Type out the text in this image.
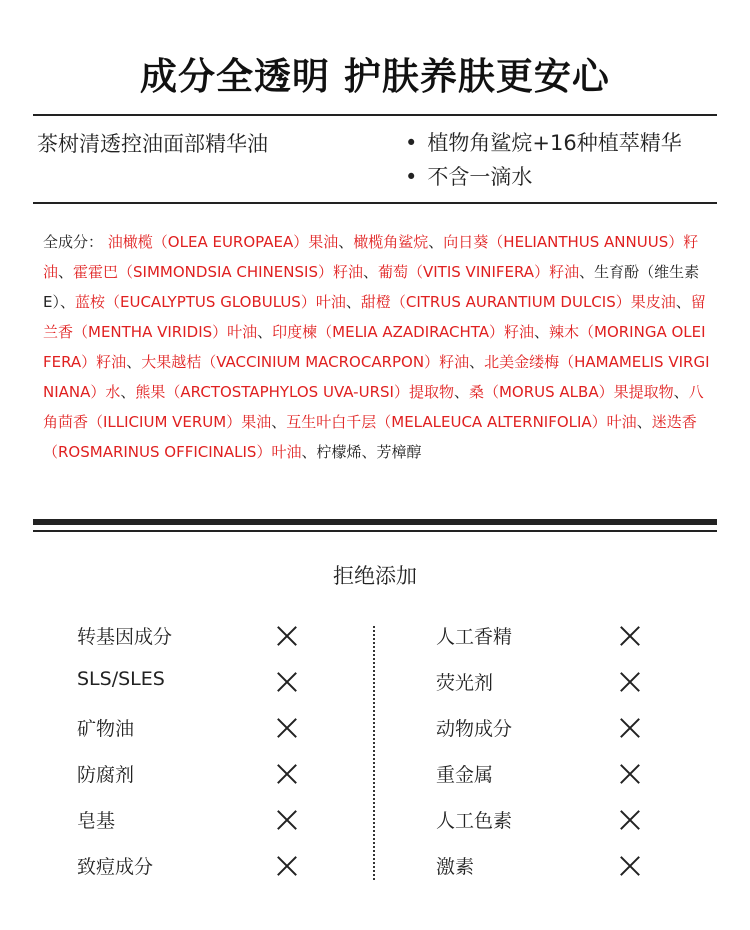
成分全透明 护肤养肤更安心
茶树清透控油面部精华油
•	植物角鲨烷+16种植萃精华
• 不含一滴水
全成分： 油橄榄（OLEA EUROPAEA）果油、橄榄角鲨烷、向日葵（HELIANTHUS ANNUUS）籽油、霍霍巴（SIMMONDSIA CHINENSIS）籽油、葡萄（VITIS VINIFERA）籽油、生育酚（维生素E）、蓝桉（EUCALYPTUS GLOBULUS）叶油、甜橙（CITRUS AURANTIUM DULCIS）果皮油、留兰香（MENTHA VIRIDIS）叶油、印度楝（MELIA AZADIRACHTA）籽油、辣木（MORINGA OLEIFERA）籽油、大果越桔（VACCINIUM MACROCARPON）籽油、北美金缕梅（HAMAMELIS VIRGINIANA）水、熊果（ARCTOSTAPHYLOS UVA-URSI）提取物、桑（MORUS ALBA）果提取物、八角茴香（ILLICIUM VERUM）果油、互生叶白千层（MELALEUCA ALTERNIFOLIA）叶油、迷迭香（ROSMARINUS OFFICINALIS）叶油、柠檬烯、芳樟醇
拒绝添加
转基因成分
SLS/SLES
矿物油
防腐剂
皂基
致痘成分
人工香精
荧光剂
动物成分
重金属
人工色素
激素
